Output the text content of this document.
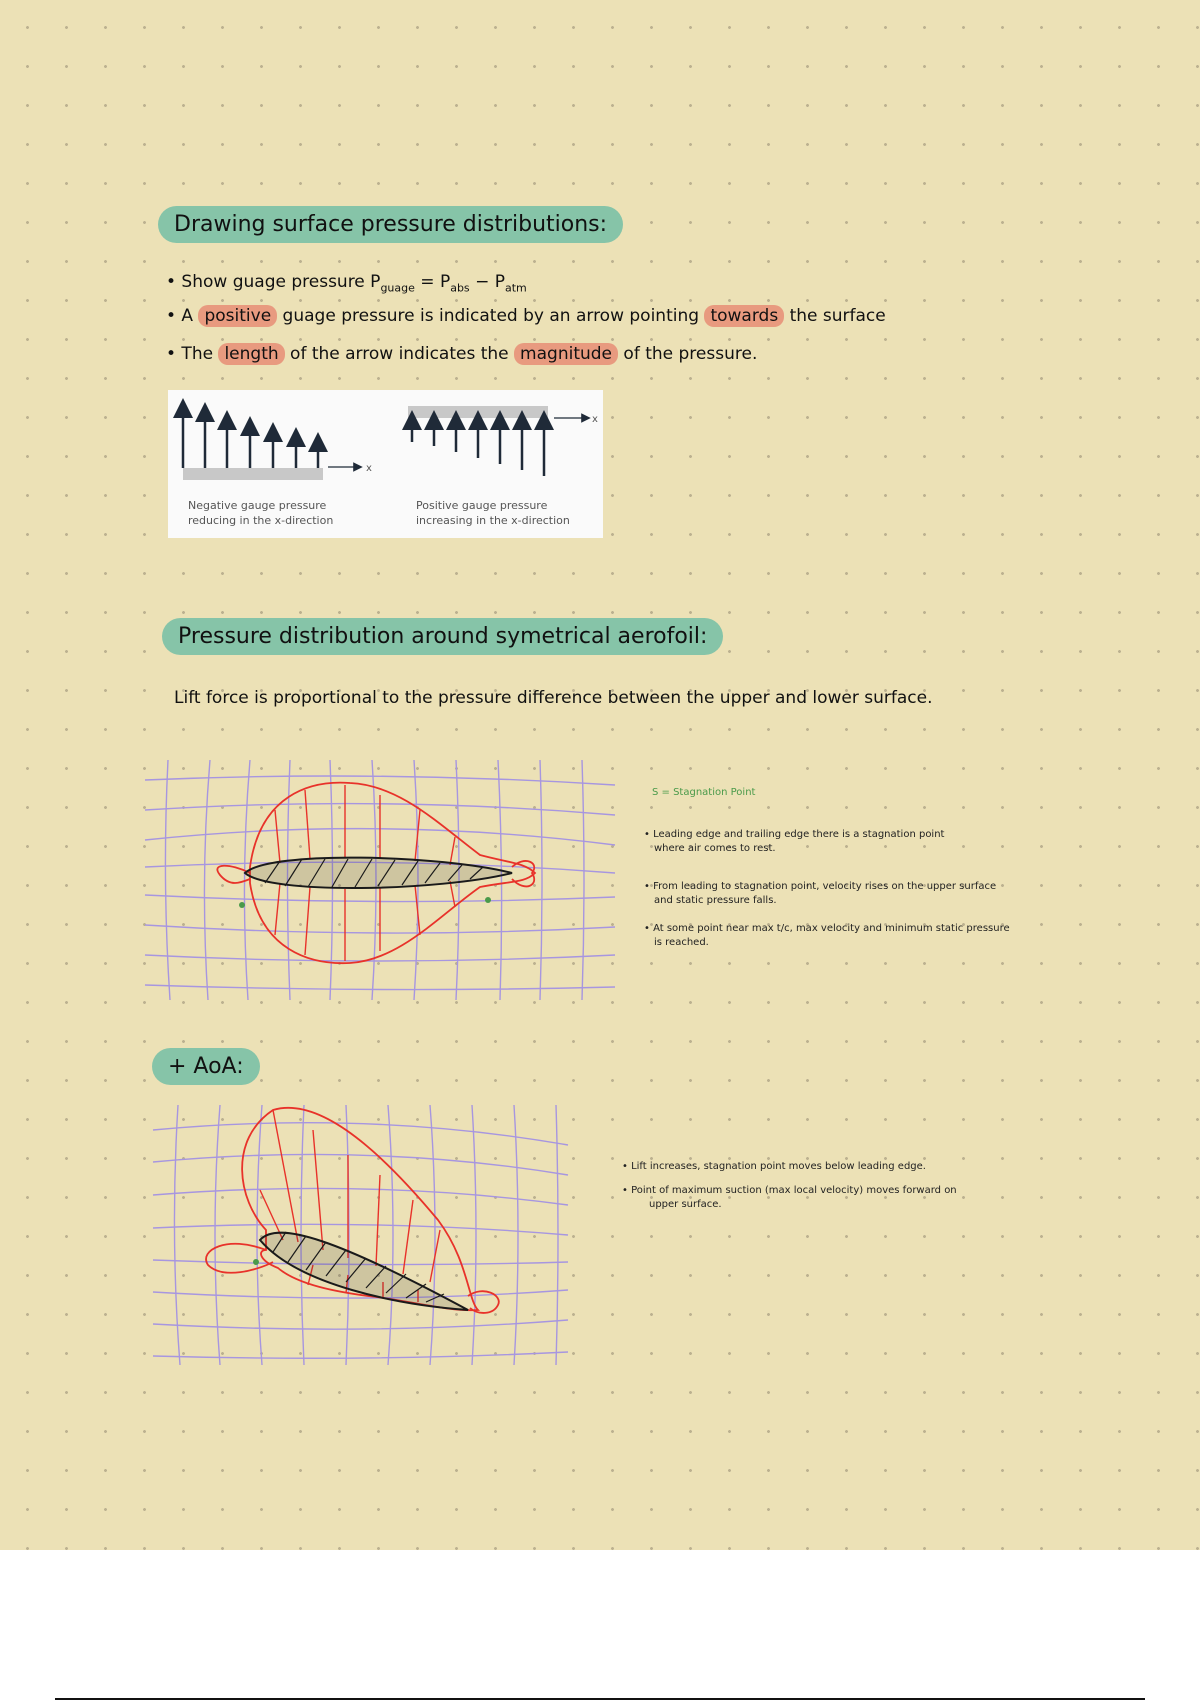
Drawing surface pressure distributions:
• Show guage pressure $P_{guage} = P_{abs} - P_{atm}$
• A positive guage pressure is indicated by an arrow pointing towards the surface
• The length of the arrow indicates the magnitude of the pressure.
x
x
Negative gauge pressure
reducing in the x-direction
Positive gauge pressure
increasing in the x-direction
Pressure distribution around symetrical aerofoil:
Lift force is proportional to the pressure difference between the upper and lower surface.
S = Stagnation Point
• Leading edge and trailing edge there is a stagnation point
where air comes to rest.
• From leading to stagnation point, velocity rises on the upper surface
and static pressure falls.
• At some point near max t/c, max velocity and minimum static pressure
is reached.
+ AoA:
• Lift increases, stagnation point moves below leading edge.
• Point of maximum suction (max local velocity) moves forward on
upper surface.
